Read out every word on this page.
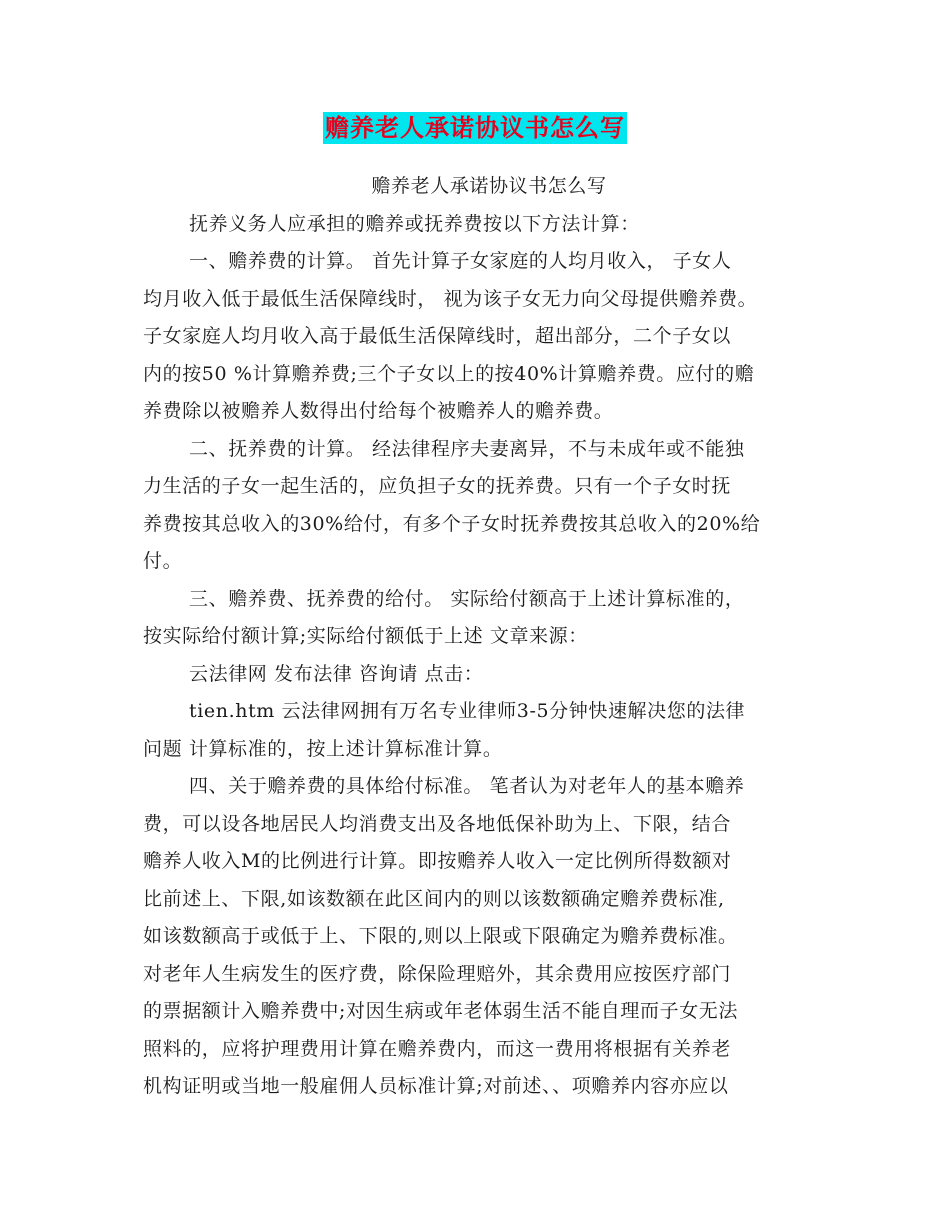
赡养老人承诺协议书怎么写
赡养老人承诺协议书怎么写
抚养义务人应承担的赡养或抚养费按以下方法计算：
一、赡养费的计算。 首先计算子女家庭的人均月收入， 子女人
均月收入低于最低生活保障线时， 视为该子女无力向父母提供赡养费。
子女家庭人均月收入高于最低生活保障线时，超出部分，二个子女以
内的按50 %计算赡养费;三个子女以上的按40%计算赡养费。应付的赡
养费除以被赡养人数得出付给每个被赡养人的赡养费。
二、抚养费的计算。 经法律程序夫妻离异，不与未成年或不能独
力生活的子女一起生活的，应负担子女的抚养费。只有一个子女时抚
养费按其总收入的30%给付，有多个子女时抚养费按其总收入的20%给
付。
三、赡养费、抚养费的给付。 实际给付额高于上述计算标准的，
按实际给付额计算;实际给付额低于上述 文章来源：
云法律网 发布法律 咨询请 点击：
tien.htm 云法律网拥有万名专业律师3-5分钟快速解决您的法律
问题 计算标准的，按上述计算标准计算。
四、关于赡养费的具体给付标准。 笔者认为对老年人的基本赡养
费，可以设各地居民人均消费支出及各地低保补助为上、下限，结合
赡养人收入M的比例进行计算。即按赡养人收入一定比例所得数额对
比前述上、下限,如该数额在此区间内的则以该数额确定赡养费标准,
如该数额高于或低于上、下限的,则以上限或下限确定为赡养费标准。
对老年人生病发生的医疗费，除保险理赔外，其余费用应按医疗部门
的票据额计入赡养费中;对因生病或年老体弱生活不能自理而子女无法
照料的，应将护理费用计算在赡养费内，而这一费用将根据有关养老
机构证明或当地一般雇佣人员标准计算;对前述、、项赡养内容亦应以
